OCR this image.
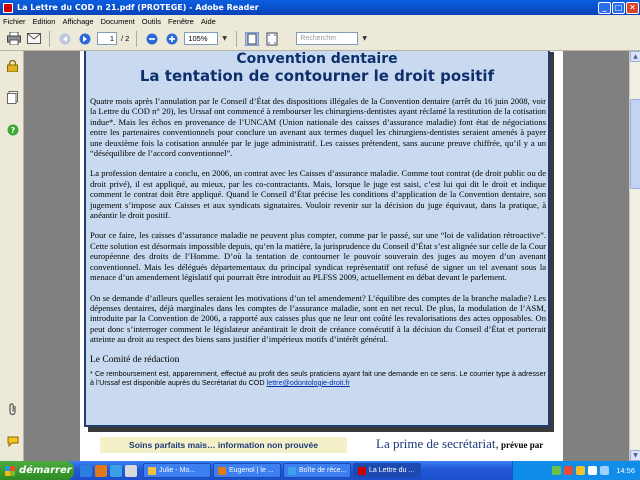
La Lettre du COD n 21.pdf (PROTEGE) - Adobe Reader	_	□ ✕
Fichier Edition Affichage Document Outils Fenêtre Aide
1 / 2	105%	▼	Rechercher	▼
?
Convention dentaire
La tentation de contourner le droit positif

Quatre mois après l’annulation par le Conseil d’État des dispositions illégales de la Convention dentaire (arrêt du 16 juin 2008, voir la Lettre du COD n° 20), les Urssaf ont commencé à rembourser les chirurgiens-dentistes ayant réclamé la restitution de la cotisation indue*. Mais les échos en provenance de l’UNCAM (Union nationale des caisses d’assurance maladie) font état de négociations entre les partenaires conventionnels pour conclure un avenant aux termes duquel les chirurgiens-dentistes seraient amenés à payer une deuxième fois la cotisation annulée par le juge administratif. Les caisses prétendent, sans aucune preuve chiffrée, qu’il y a un “déséquilibre de l’accord conventionnel”.

La profession dentaire a conclu, en 2006, un contrat avec les Caisses d’assurance maladie. Comme tout contrat (de droit public ou de droit privé), il est appliqué, au mieux, par les co-contractants. Mais, lorsque le juge est saisi, c’est lui qui dit le droit et indique comment le contrat doit être appliqué. Quand le Conseil d’État précise les conditions d’application de la Convention dentaire, son jugement s’impose aux Caisses et aux syndicats signataires. Vouloir revenir sur la décision du juge équivaut, dans la pratique, à anéantir le droit positif.

Pour ce faire, les caisses d’assurance maladie ne peuvent plus compter, comme par le passé, sur une “loi de validation rétroactive”. Cette solution est désormais impossible depuis, qu’en la matière, la jurisprudence du Conseil d’État s’est alignée sur celle de la Cour européenne des droits de l’Homme. D’où la tentation de contourner le pouvoir souverain des juges au moyen d’un avenant conventionnel. Mais les délégués départementaux du principal syndicat représentatif ont refusé de signer un tel avenant sous la menace d’un amendement législatif qui pourrait être introduit au PLFSS 2009, actuellement en débat devant le parlement.

On se demande d’ailleurs quelles seraient les motivations d’un tel amendement? L’équilibre des comptes de la branche maladie? Les dépenses dentaires, déjà marginales dans les comptes de l’assurance maladie, sont en net recul. De plus, la modulation de l’ASM, introduite par la Convention de 2006, a rapporté aux caisses plus que ne leur ont coûté les revalorisations des actes opposables. On peut donc s’interroger comment le législateur anéantirait le droit de créance consécutif à la décision du Conseil d’État et porterait atteinte au droit au respect des biens sans justifier d’impérieux motifs d’intérêt général.

Le Comité de rédaction

* Ce remboursement est, apparemment, effectué au profit des seuls praticiens ayant fait une demande en ce sens. Le courrier type à adresser à l’Urssaf est disponible auprès du Secrétariat du COD lettre@odontologie-droit.fr

Soins parfaits mais… information non prouvée	La prime de secrétariat, prévue par
▲
▼
démarrer	Julie - Mo...	Eugenol | le ...	Boîte de réce...	La Lettre du ...	14:56
